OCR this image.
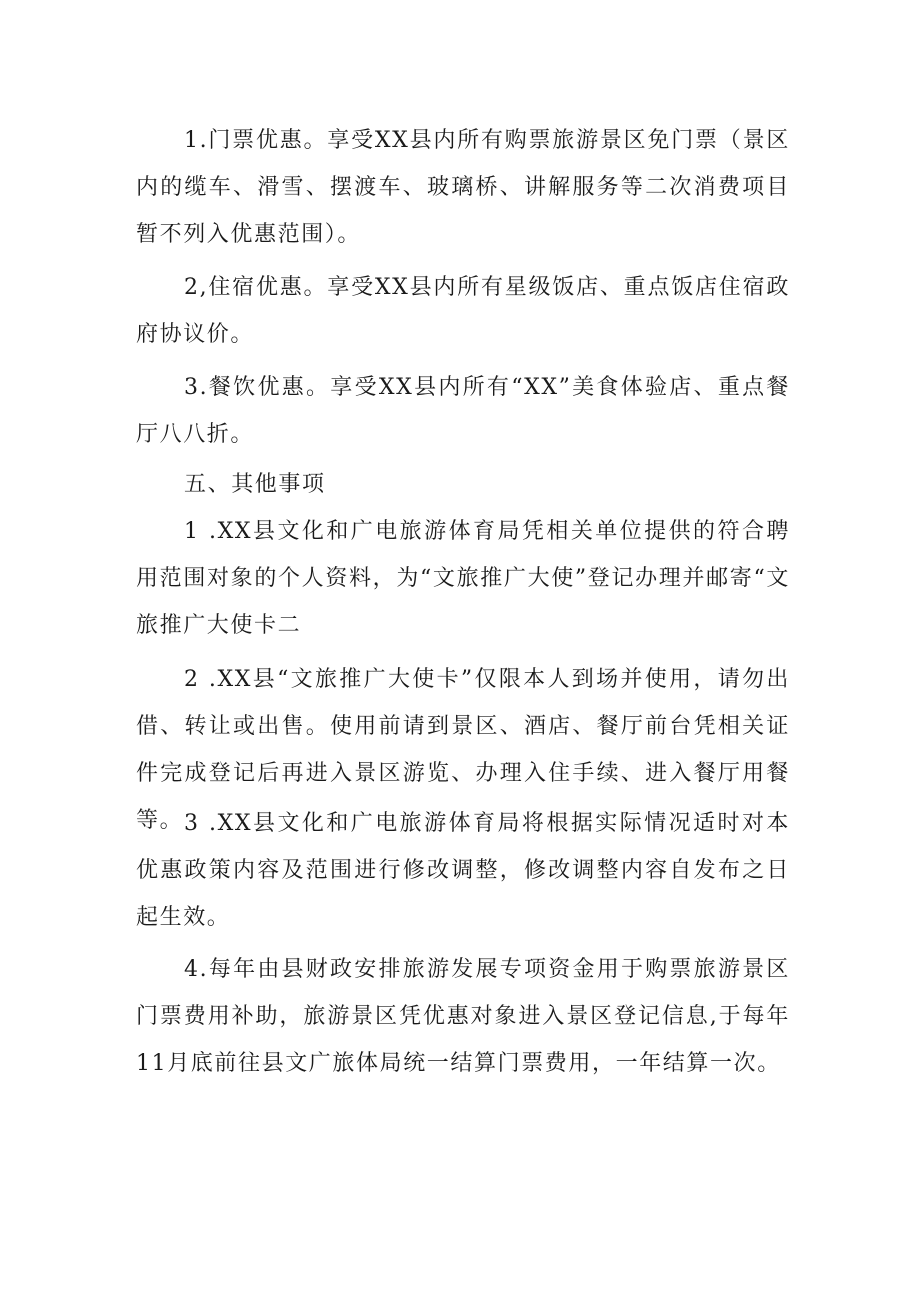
1.门票优惠。享受XX县内所有购票旅游景区免门票（景区内的缆车、滑雪、摆渡车、玻璃桥、讲解服务等二次消费项目暂不列入优惠范围）。

2,住宿优惠。享受XX县内所有星级饭店、重点饭店住宿政府协议价。

3.餐饮优惠。享受XX县内所有“XX”美食体验店、重点餐厅八八折。

五、其他事项

1 .XX县文化和广电旅游体育局凭相关单位提供的符合聘用范围对象的个人资料，为“文旅推广大使”登记办理并邮寄“文旅推广大使卡二

2 .XX县“文旅推广大使卡”仅限本人到场并使用，请勿出借、转让或出售。使用前请到景区、酒店、餐厅前台凭相关证件完成登记后再进入景区游览、办理入住手续、进入餐厅用餐等。 3 .XX县文化和广电旅游体育局将根据实际情况适时对本优惠政策内容及范围进行修改调整，修改调整内容自发布之日起生效。

4.每年由县财政安排旅游发展专项资金用于购票旅游景区门票费用补助，旅游景区凭优惠对象进入景区登记信息,于每年11月底前往县文广旅体局统一结算门票费用，一年结算一次。
